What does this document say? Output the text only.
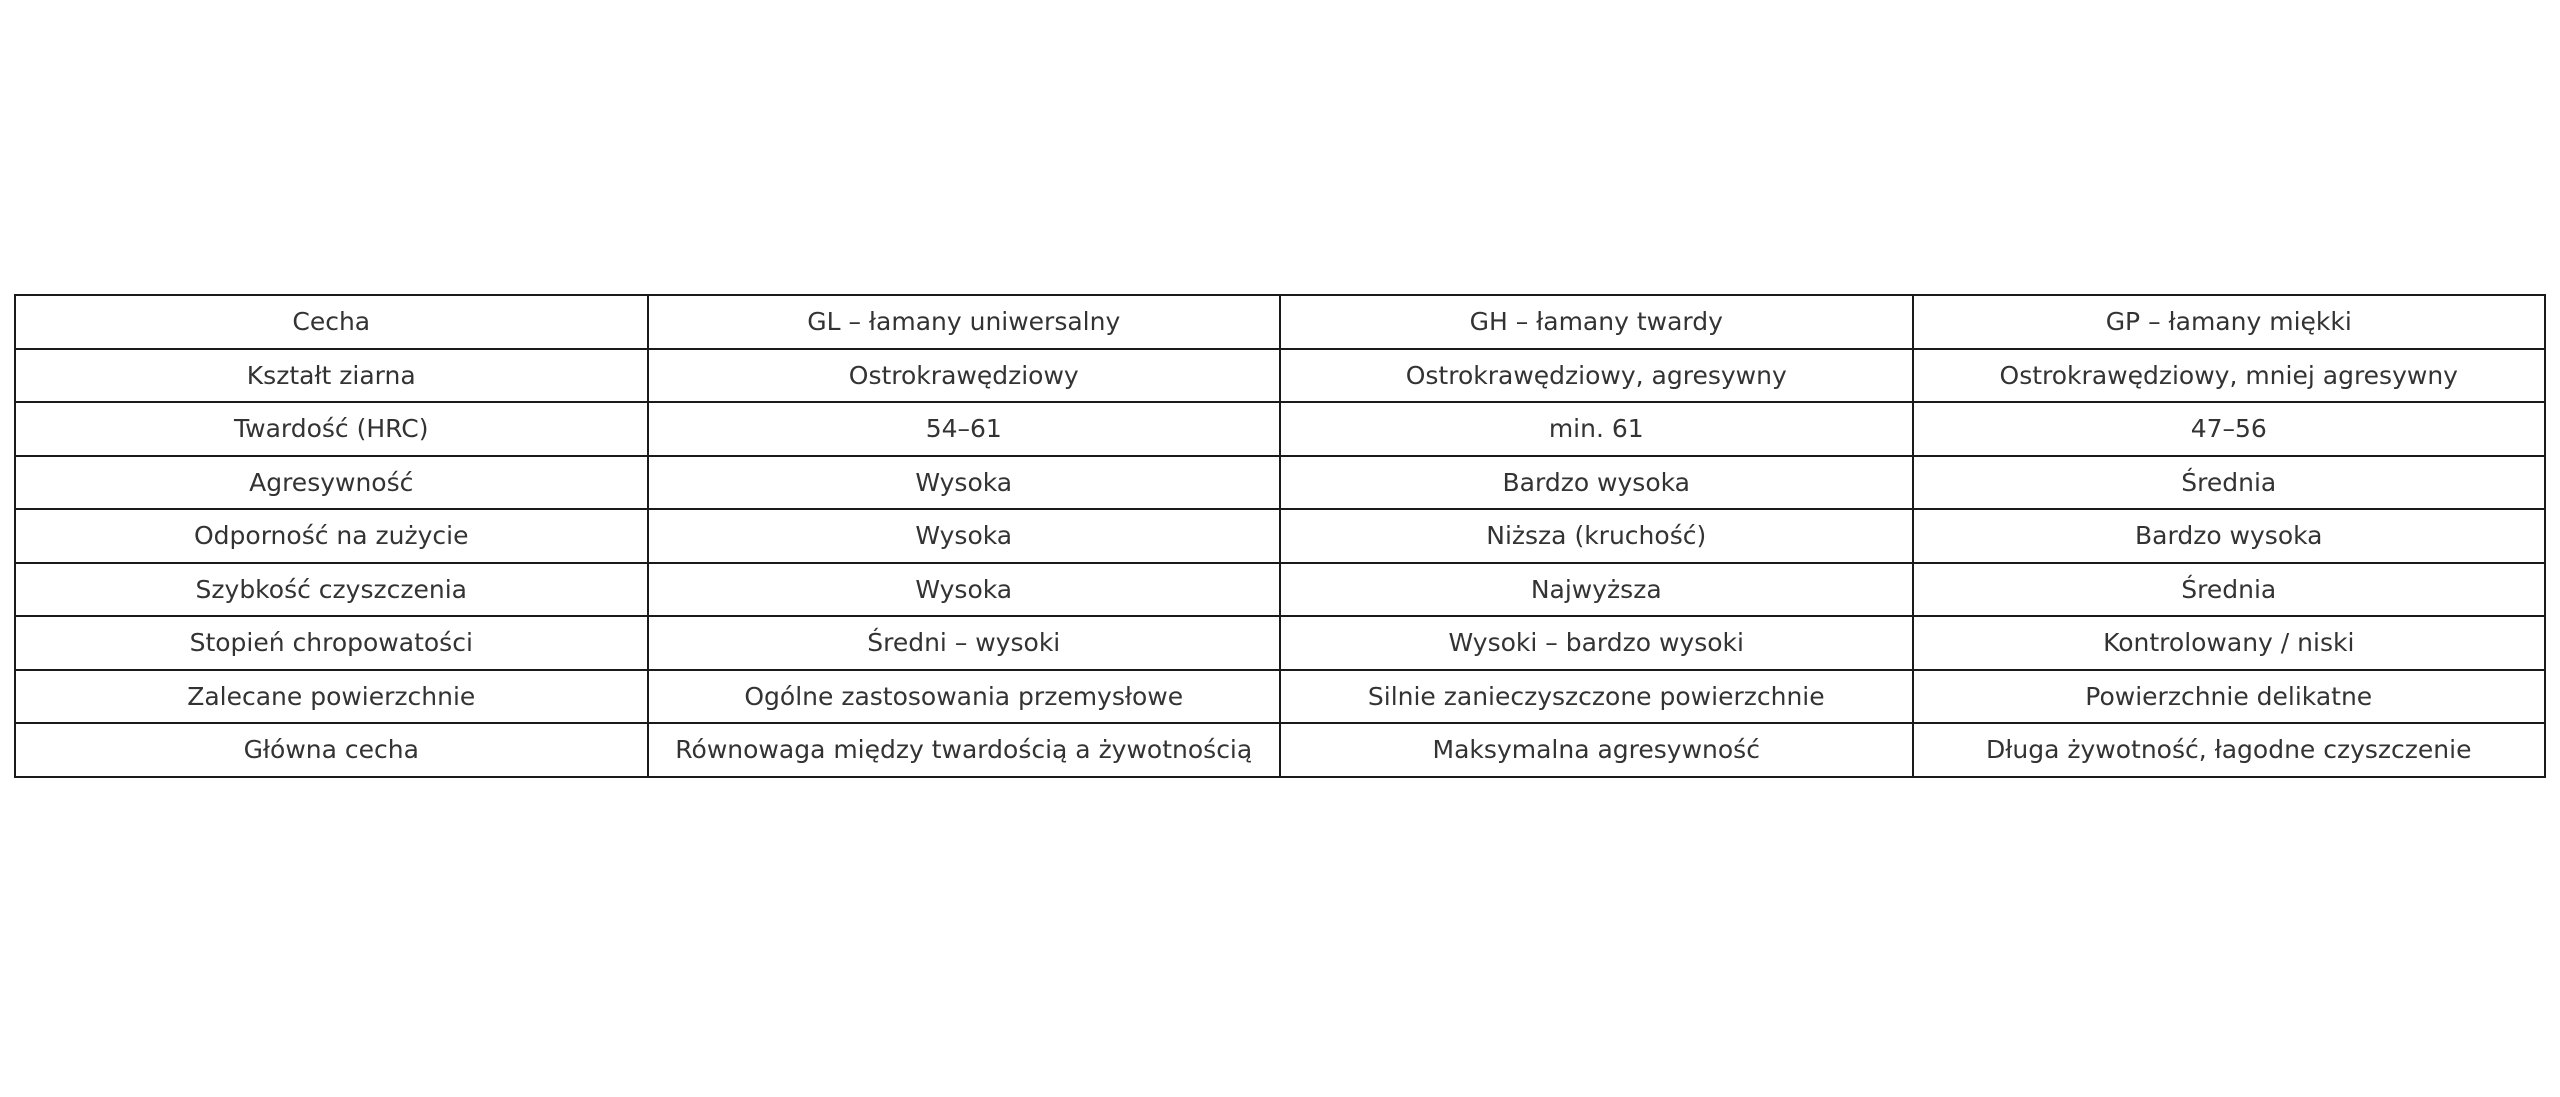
Cecha	GL – łamany uniwersalny	GH – łamany twardy	GP – łamany miękki
Kształt ziarna	Ostrokrawędziowy	Ostrokrawędziowy, agresywny	Ostrokrawędziowy, mniej agresywny
Twardość (HRC)	54–61	min. 61	47–56
Agresywność	Wysoka	Bardzo wysoka	Średnia
Odporność na zużycie	Wysoka	Niższa (kruchość)	Bardzo wysoka
Szybkość czyszczenia	Wysoka	Najwyższa	Średnia
Stopień chropowatości	Średni – wysoki	Wysoki – bardzo wysoki	Kontrolowany / niski
Zalecane powierzchnie	Ogólne zastosowania przemysłowe	Silnie zanieczyszczone powierzchnie	Powierzchnie delikatne
Główna cecha	Równowaga między twardością a żywotnością	Maksymalna agresywność	Długa żywotność, łagodne czyszczenie
